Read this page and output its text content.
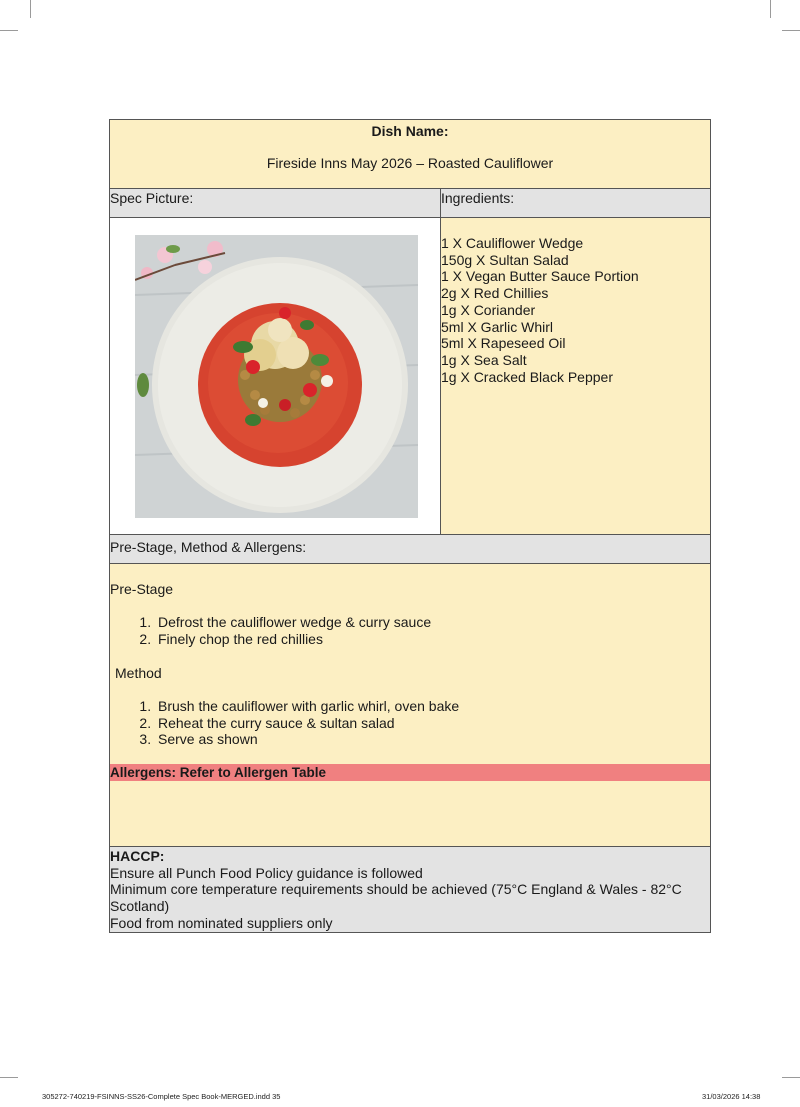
Dish Name:
Fireside Inns May 2026 – Roasted Cauliflower
Spec Picture:	Ingredients:
1 X Cauliflower Wedge
150g X Sultan Salad
1 X Vegan Butter Sauce Portion
2g X Red Chillies
1g X Coriander
5ml X Garlic Whirl
5ml X Rapeseed Oil
1g X Sea Salt
1g X Cracked Black Pepper
Pre-Stage, Method & Allergens:
Pre-Stage
1. Defrost the cauliflower wedge & curry sauce
2. Finely chop the red chillies
Method
1. Brush the cauliflower with garlic whirl, oven bake
2. Reheat the curry sauce & sultan salad
3. Serve as shown
Allergens: Refer to Allergen Table
HACCP:
Ensure all Punch Food Policy guidance is followed
Minimum core temperature requirements should be achieved (75°C England & Wales - 82°C Scotland)
Food from nominated suppliers only
305272-740219-FSINNS-SS26-Complete Spec Book-MERGED.indd 35	31/03/2026 14:38
